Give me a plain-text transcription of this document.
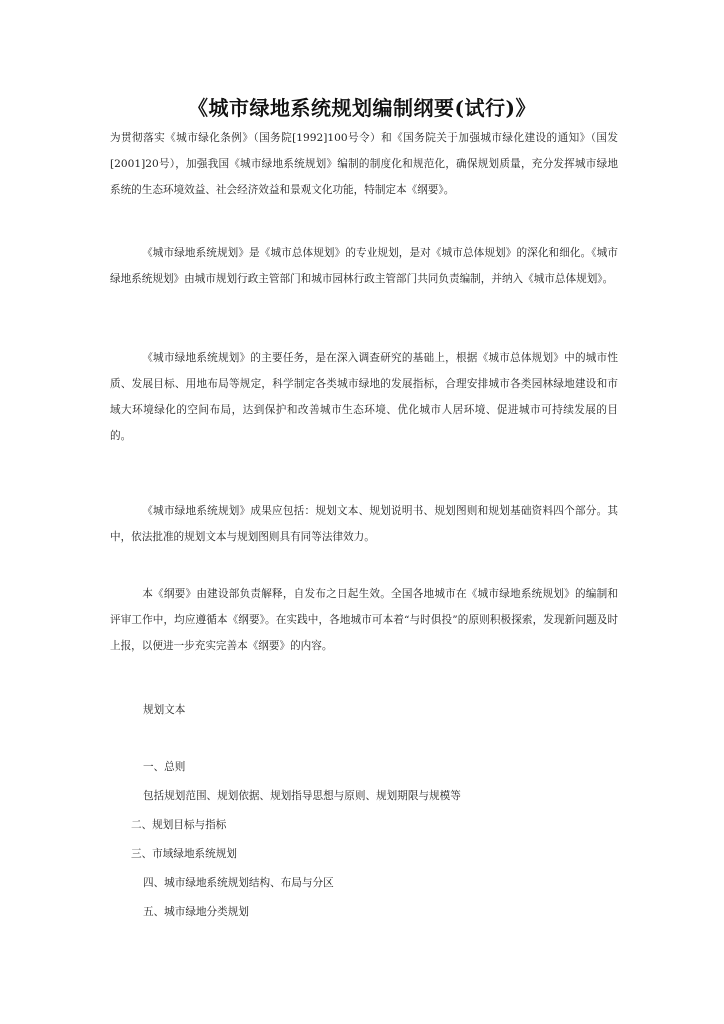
《城市绿地系统规划编制纲要(试行)》
为贯彻落实《城市绿化条例》（国务院[1992]100号令）和《国务院关于加强城市绿化建设的通知》（国发[2001]20号），加强我国《城市绿地系统规划》编制的制度化和规范化，确保规划质量，充分发挥城市绿地系统的生态环境效益、社会经济效益和景观文化功能，特制定本《纲要》。
《城市绿地系统规划》是《城市总体规划》的专业规划，是对《城市总体规划》的深化和细化。《城市绿地系统规划》由城市规划行政主管部门和城市园林行政主管部门共同负责编制，并纳入《城市总体规划》。
《城市绿地系统规划》的主要任务，是在深入调查研究的基础上，根据《城市总体规划》中的城市性质、发展目标、用地布局等规定，科学制定各类城市绿地的发展指标，合理安排城市各类园林绿地建设和市域大环境绿化的空间布局，达到保护和改善城市生态环境、优化城市人居环境、促进城市可持续发展的目的。
《城市绿地系统规划》成果应包括：规划文本、规划说明书、规划图则和规划基础资料四个部分。其中，依法批准的规划文本与规划图则具有同等法律效力。
本《纲要》由建设部负责解释，自发布之日起生效。全国各地城市在《城市绿地系统规划》的编制和评审工作中，均应遵循本《纲要》。在实践中，各地城市可本着“与时俱投”的原则积极探索，发现新问题及时上报，以便进一步充实完善本《纲要》的内容。
规划文本
一、总则
包括规划范围、规划依据、规划指导思想与原则、规划期限与规模等
二、规划目标与指标
三、市域绿地系统规划
四、城市绿地系统规划结构、布局与分区
五、城市绿地分类规划
